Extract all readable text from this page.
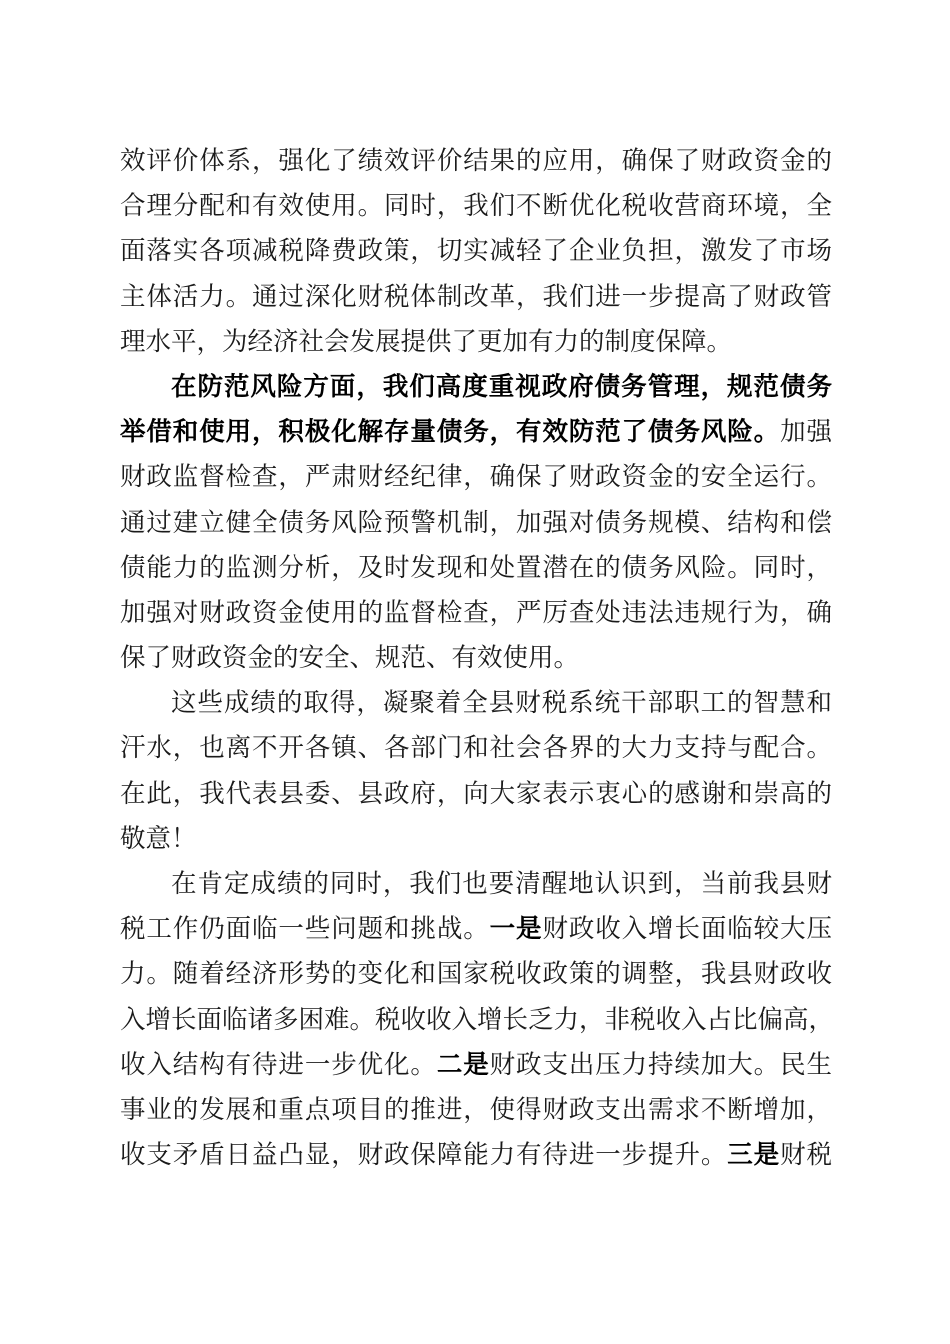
效评价体系，强化了绩效评价结果的应用，确保了财政资金的
合理分配和有效使用。同时，我们不断优化税收营商环境，全
面落实各项减税降费政策，切实减轻了企业负担，激发了市场
主体活力。通过深化财税体制改革，我们进一步提高了财政管
理水平，为经济社会发展提供了更加有力的制度保障。
在防范风险方面，我们高度重视政府债务管理，规范债务
举借和使用，积极化解存量债务，有效防范了债务风险。加强
财政监督检查，严肃财经纪律，确保了财政资金的安全运行。
通过建立健全债务风险预警机制，加强对债务规模、结构和偿
债能力的监测分析，及时发现和处置潜在的债务风险。同时，
加强对财政资金使用的监督检查，严厉查处违法违规行为，确
保了财政资金的安全、规范、有效使用。
这些成绩的取得，凝聚着全县财税系统干部职工的智慧和
汗水，也离不开各镇、各部门和社会各界的大力支持与配合。
在此，我代表县委、县政府，向大家表示衷心的感谢和崇高的
敬意！
在肯定成绩的同时，我们也要清醒地认识到，当前我县财
税工作仍面临一些问题和挑战。一是财政收入增长面临较大压
力。随着经济形势的变化和国家税收政策的调整，我县财政收
入增长面临诸多困难。税收收入增长乏力，非税收入占比偏高，
收入结构有待进一步优化。二是财政支出压力持续加大。民生
事业的发展和重点项目的推进，使得财政支出需求不断增加，
收支矛盾日益凸显，财政保障能力有待进一步提升。三是财税
